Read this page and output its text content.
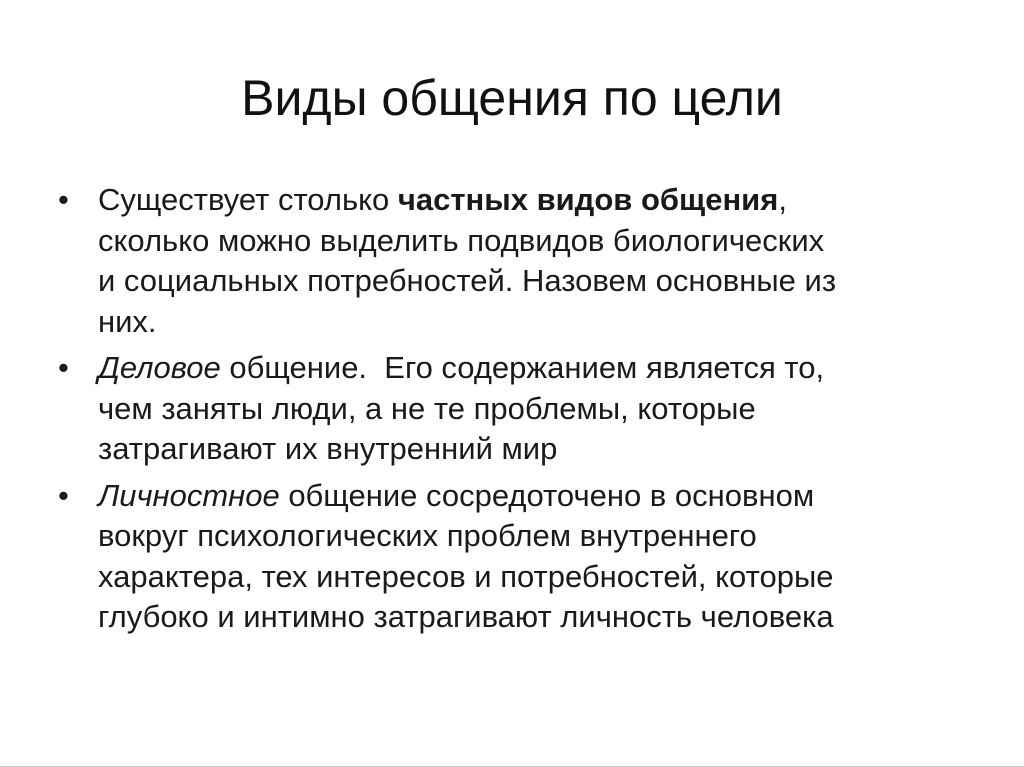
Виды общения по цели
• Существует столько частных видов общения,
сколько можно выделить подвидов биологических
и социальных потребностей. Назовем основные из
них.
• Деловое общение.  Его содержанием является то,
чем заняты люди, а не те проблемы, которые
затрагивают их внутренний мир
• Личностное общение сосредоточено в основном
вокруг психологических проблем внутреннего
характера, тех интересов и потребностей, которые
глубоко и интимно затрагивают личность человека
